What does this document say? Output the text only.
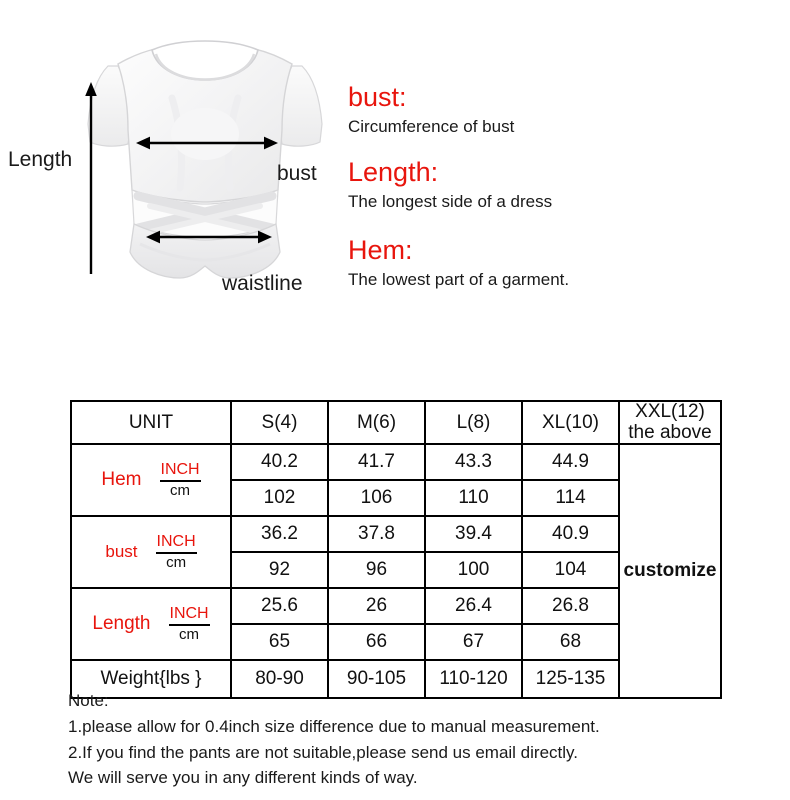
Length
bust
waistline
bust:
Circumference of bust
Length:
The longest side of a dress
Hem:
The lowest part of a garment.
UNIT	S(4)	M(6)	L(8)	XL(10)	XXL(12)
the above

Hem $\frac{\text{INCH}}{cm}$	40.2	41.7	43.3	44.9	customize
	102	106	110	114	

bust $\frac{\text{INCH}}{cm}$	36.2	37.8	39.4	40.9	
	92	96	100	104	

Length $\frac{\text{INCH}}{cm}$	25.6	26	26.4	26.8	
	65	66	67	68	
Weight{lbs }	80-90	90-105	110-120	125-135	
Note:
1.please allow for 0.4inch size difference due to manual measurement.
2.If you find the pants are not suitable,please send us email directly.
We will serve you in any different kinds of way.
